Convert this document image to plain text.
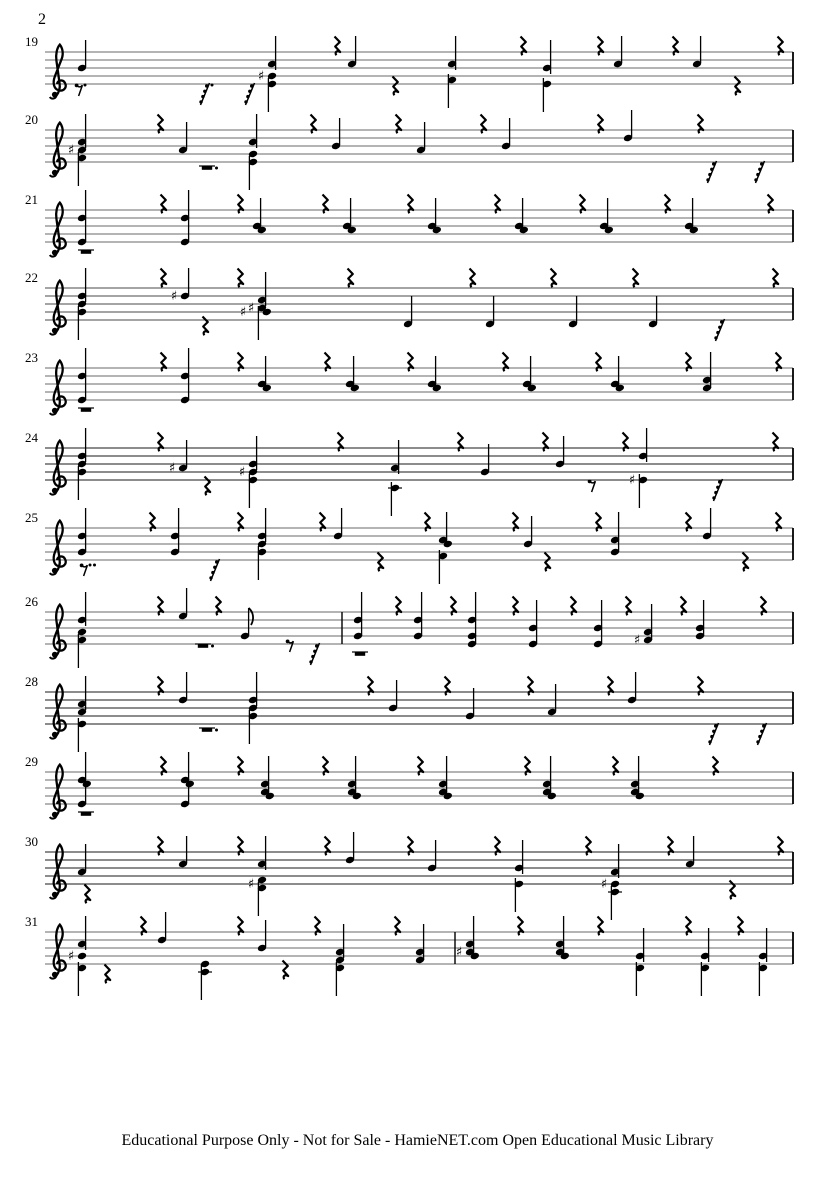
2
♯
♯
♯
♯
♯
♯	♯
♯
♯
♯	♯
♯	♯
19
20
21
22
23
24
25
26
28
29
30
31
Educational Purpose Only - Not for Sale - HamieNET.com Open Educational Music Library
